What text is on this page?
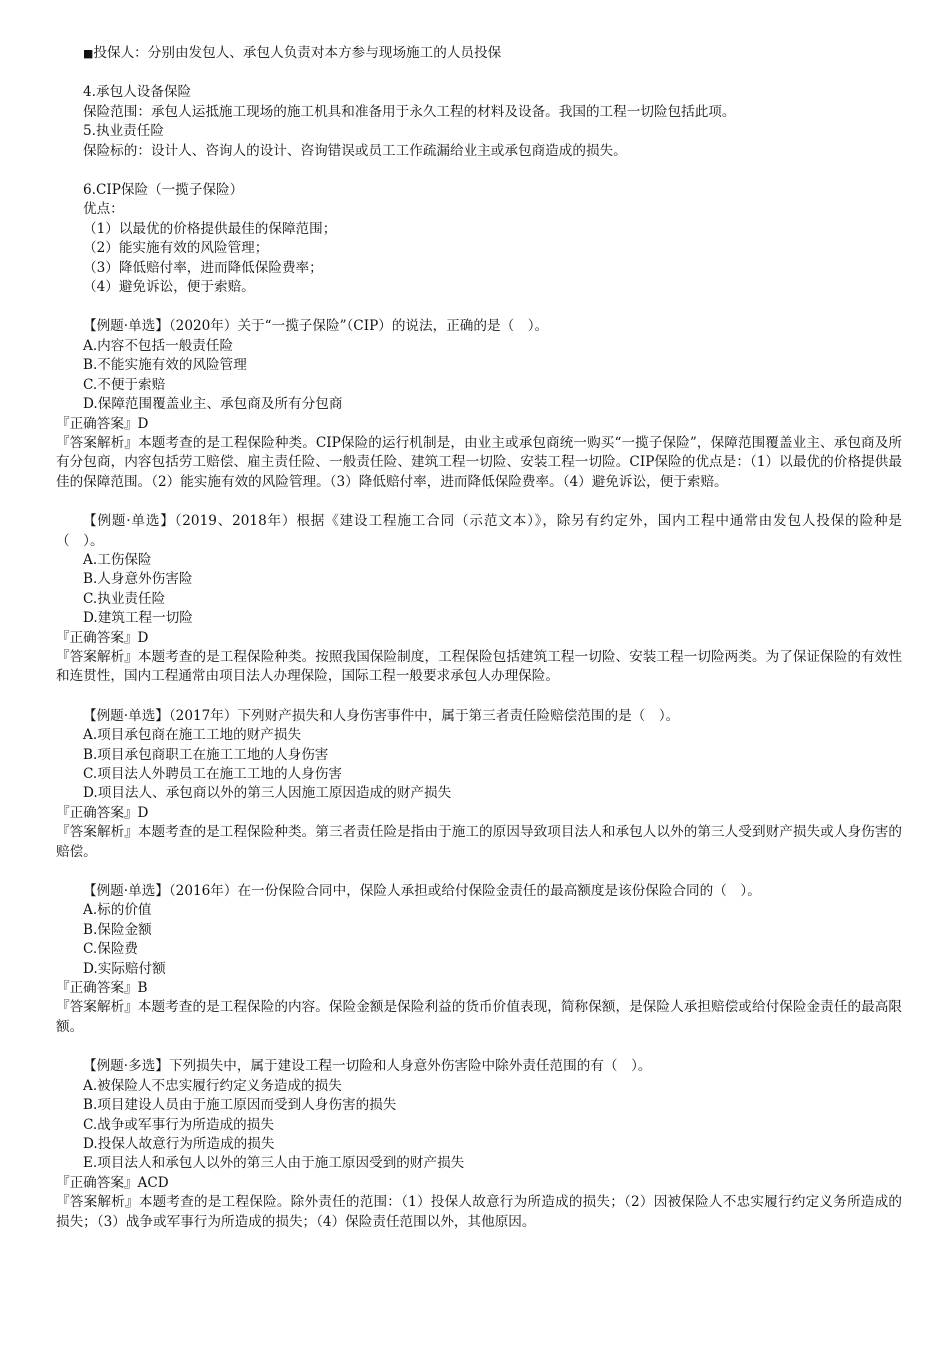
■投保人：分别由发包人、承包人负责对本方参与现场施工的人员投保
4.承包人设备保险
保险范围：承包人运抵施工现场的施工机具和准备用于永久工程的材料及设备。我国的工程一切险包括此项。
5.执业责任险
保险标的：设计人、咨询人的设计、咨询错误或员工工作疏漏给业主或承包商造成的损失。
6.CIP保险（一揽子保险）
优点：
（1）以最优的价格提供最佳的保障范围；
（2）能实施有效的风险管理；
（3）降低赔付率，进而降低保险费率；
（4）避免诉讼，便于索赔。
【例题·单选】（2020年）关于“一揽子保险”（CIP）的说法，正确的是（　）。
A.内容不包括一般责任险
B.不能实施有效的风险管理
C.不便于索赔
D.保障范围覆盖业主、承包商及所有分包商
『正确答案』D
『答案解析』本题考查的是工程保险种类。CIP保险的运行机制是，由业主或承包商统一购买“一揽子保险”，保障范围覆盖业主、承包商及所有分包商，内容包括劳工赔偿、雇主责任险、一般责任险、建筑工程一切险、安装工程一切险。CIP保险的优点是：（1）以最优的价格提供最佳的保障范围。（2）能实施有效的风险管理。（3）降低赔付率，进而降低保险费率。（4）避免诉讼，便于索赔。
【例题·单选】（2019、2018年）根据《建设工程施工合同（示范文本）》，除另有约定外，国内工程中通常由发包人投保的险种是（　）。
A.工伤保险
B.人身意外伤害险
C.执业责任险
D.建筑工程一切险
『正确答案』D
『答案解析』本题考查的是工程保险种类。按照我国保险制度，工程保险包括建筑工程一切险、安装工程一切险两类。为了保证保险的有效性和连贯性，国内工程通常由项目法人办理保险，国际工程一般要求承包人办理保险。
【例题·单选】（2017年）下列财产损失和人身伤害事件中，属于第三者责任险赔偿范围的是（　）。
A.项目承包商在施工工地的财产损失
B.项目承包商职工在施工工地的人身伤害
C.项目法人外聘员工在施工工地的人身伤害
D.项目法人、承包商以外的第三人因施工原因造成的财产损失
『正确答案』D
『答案解析』本题考查的是工程保险种类。第三者责任险是指由于施工的原因导致项目法人和承包人以外的第三人受到财产损失或人身伤害的赔偿。
【例题·单选】（2016年）在一份保险合同中，保险人承担或给付保险金责任的最高额度是该份保险合同的（　）。
A.标的价值
B.保险金额
C.保险费
D.实际赔付额
『正确答案』B
『答案解析』本题考查的是工程保险的内容。保险金额是保险利益的货币价值表现，简称保额，是保险人承担赔偿或给付保险金责任的最高限额。
【例题·多选】下列损失中，属于建设工程一切险和人身意外伤害险中除外责任范围的有（　）。
A.被保险人不忠实履行约定义务造成的损失
B.项目建设人员由于施工原因而受到人身伤害的损失
C.战争或军事行为所造成的损失
D.投保人故意行为所造成的损失
E.项目法人和承包人以外的第三人由于施工原因受到的财产损失
『正确答案』ACD
『答案解析』本题考查的是工程保险。除外责任的范围：（1）投保人故意行为所造成的损失；（2）因被保险人不忠实履行约定义务所造成的损失；（3）战争或军事行为所造成的损失；（4）保险责任范围以外，其他原因。
